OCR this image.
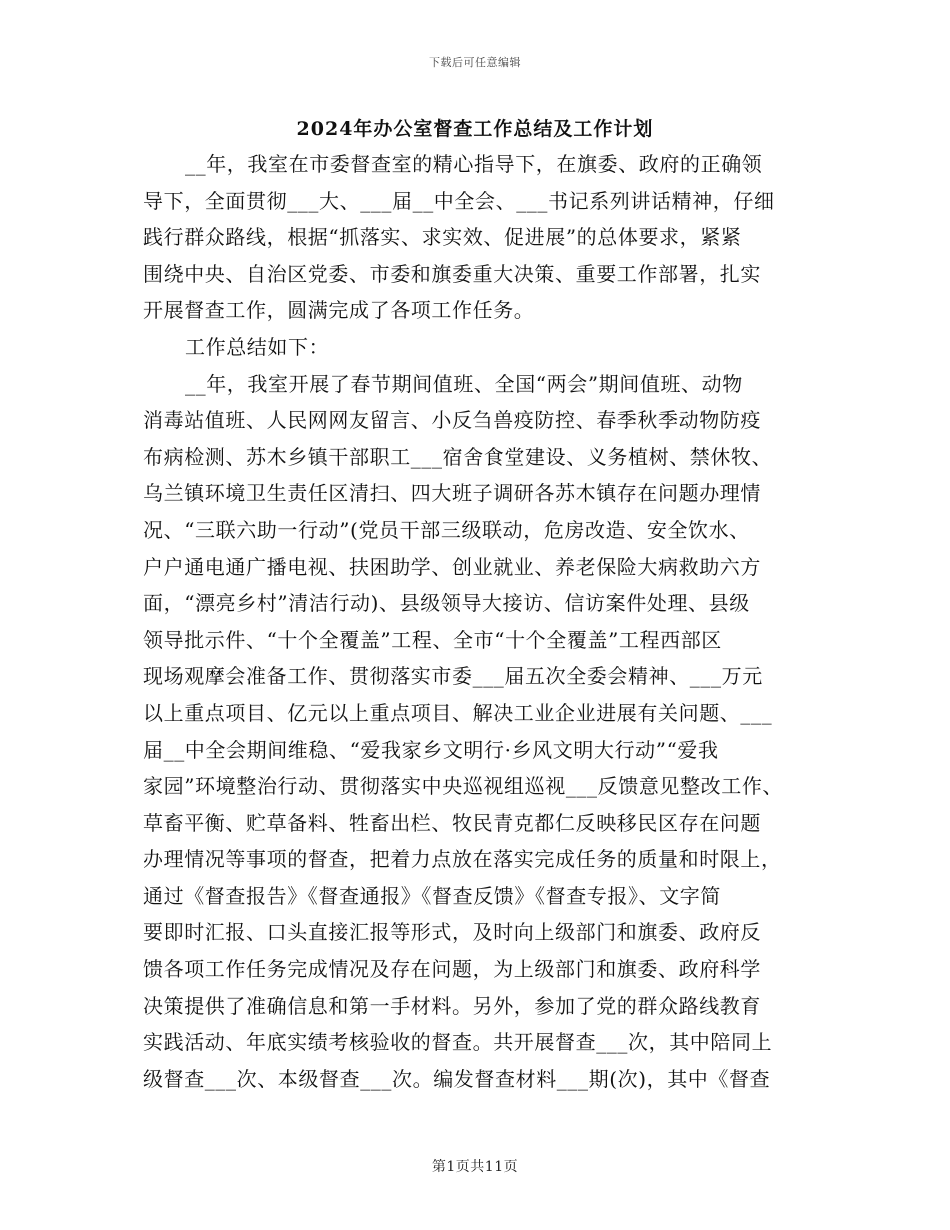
下载后可任意编辑
2024年办公室督查工作总结及工作计划
__年，我室在市委督查室的精心指导下，在旗委、政府的正确领
导下，全面贯彻___大、___届__中全会、___书记系列讲话精神，仔细
践行群众路线，根据“抓落实、求实效、促进展”的总体要求，紧紧
围绕中央、自治区党委、市委和旗委重大决策、重要工作部署，扎实
开展督查工作，圆满完成了各项工作任务。
工作总结如下：
__年，我室开展了春节期间值班、全国“两会”期间值班、动物
消毒站值班、人民网网友留言、小反刍兽疫防控、春季秋季动物防疫
布病检测、苏木乡镇干部职工___宿舍食堂建设、义务植树、禁休牧、
乌兰镇环境卫生责任区清扫、四大班子调研各苏木镇存在问题办理情
况、“三联六助一行动”(党员干部三级联动，危房改造、安全饮水、
户户通电通广播电视、扶困助学、创业就业、养老保险大病救助六方
面，“漂亮乡村”清洁行动)、县级领导大接访、信访案件处理、县级
领导批示件、“十个全覆盖”工程、全市“十个全覆盖”工程西部区
现场观摩会准备工作、贯彻落实市委___届五次全委会精神、___万元
以上重点项目、亿元以上重点项目、解决工业企业进展有关问题、___
届__中全会期间维稳、“爱我家乡文明行·乡风文明大行动”“爱我
家园”环境整治行动、贯彻落实中央巡视组巡视___反馈意见整改工作、
草畜平衡、贮草备料、牲畜出栏、牧民青克都仁反映移民区存在问题
办理情况等事项的督查，把着力点放在落实完成任务的质量和时限上，
通过《督查报告》《督查通报》《督查反馈》《督查专报》、文字简
要即时汇报、口头直接汇报等形式，及时向上级部门和旗委、政府反
馈各项工作任务完成情况及存在问题，为上级部门和旗委、政府科学
决策提供了准确信息和第一手材料。另外，参加了党的群众路线教育
实践活动、年底实绩考核验收的督查。共开展督查___次，其中陪同上
级督查___次、本级督查___次。编发督查材料___期(次)，其中《督查
第1页共11页
